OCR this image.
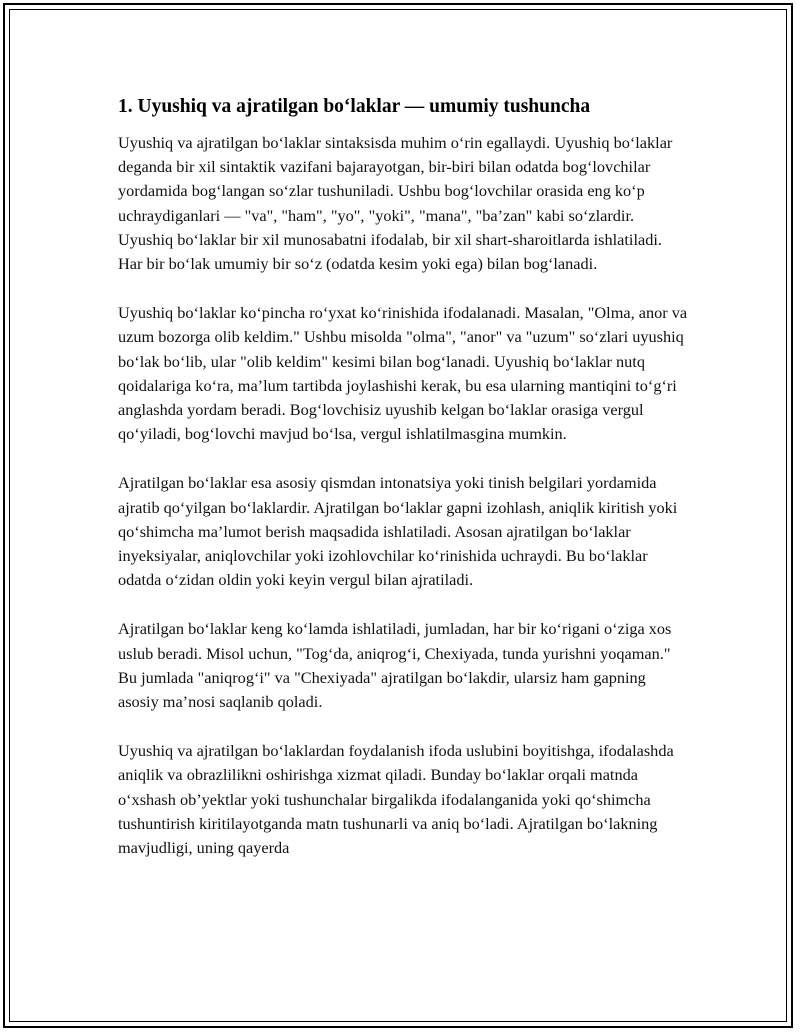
1. Uyushiq va ajratilgan bo‘laklar — umumiy tushuncha

Uyushiq va ajratilgan bo‘laklar sintaksisda muhim o‘rin egallaydi. Uyushiq bo‘laklar deganda bir xil sintaktik vazifani bajarayotgan, bir-biri bilan odatda bog‘lovchilar yordamida bog‘langan so‘zlar tushuniladi. Ushbu bog‘lovchilar orasida eng ko‘p uchraydiganlari — "va", "ham", "yo", "yoki", "mana", "ba’zan" kabi so‘zlardir. Uyushiq bo‘laklar bir xil munosabatni ifodalab, bir xil shart-sharoitlarda ishlatiladi. Har bir bo‘lak umumiy bir so‘z (odatda kesim yoki ega) bilan bog‘lanadi.

Uyushiq bo‘laklar ko‘pincha ro‘yxat ko‘rinishida ifodalanadi. Masalan, "Olma, anor va uzum bozorga olib keldim." Ushbu misolda "olma", "anor" va "uzum" so‘zlari uyushiq bo‘lak bo‘lib, ular "olib keldim" kesimi bilan bog‘lanadi. Uyushiq bo‘laklar nutq qoidalariga ko‘ra, ma’lum tartibda joylashishi kerak, bu esa ularning mantiqini to‘g‘ri anglashda yordam beradi. Bog‘lovchisiz uyushib kelgan bo‘laklar orasiga vergul qo‘yiladi, bog‘lovchi mavjud bo‘lsa, vergul ishlatilmasgina mumkin.

Ajratilgan bo‘laklar esa asosiy qismdan intonatsiya yoki tinish belgilari yordamida ajratib qo‘yilgan bo‘laklardir. Ajratilgan bo‘laklar gapni izohlash, aniqlik kiritish yoki qo‘shimcha ma’lumot berish maqsadida ishlatiladi. Asosan ajratilgan bo‘laklar inyeksiyalar, aniqlovchilar yoki izohlovchilar ko‘rinishida uchraydi. Bu bo‘laklar odatda o‘zidan oldin yoki keyin vergul bilan ajratiladi.

Ajratilgan bo‘laklar keng ko‘lamda ishlatiladi, jumladan, har bir ko‘rigani o‘ziga xos uslub beradi. Misol uchun, "Tog‘da, aniqrog‘i, Chexiyada, tunda yurishni yoqaman." Bu jumlada "aniqrog‘i" va "Chexiyada" ajratilgan bo‘lakdir, ularsiz ham gapning asosiy ma’nosi saqlanib qoladi.

Uyushiq va ajratilgan bo‘laklardan foydalanish ifoda uslubini boyitishga, ifodalashda aniqlik va obrazlilikni oshirishga xizmat qiladi. Bunday bo‘laklar orqali matnda o‘xshash ob’yektlar yoki tushunchalar birgalikda ifodalanganida yoki qo‘shimcha tushuntirish kiritilayotganda matn tushunarli va aniq bo‘ladi. Ajratilgan bo‘lakning mavjudligi, uning qayerda
